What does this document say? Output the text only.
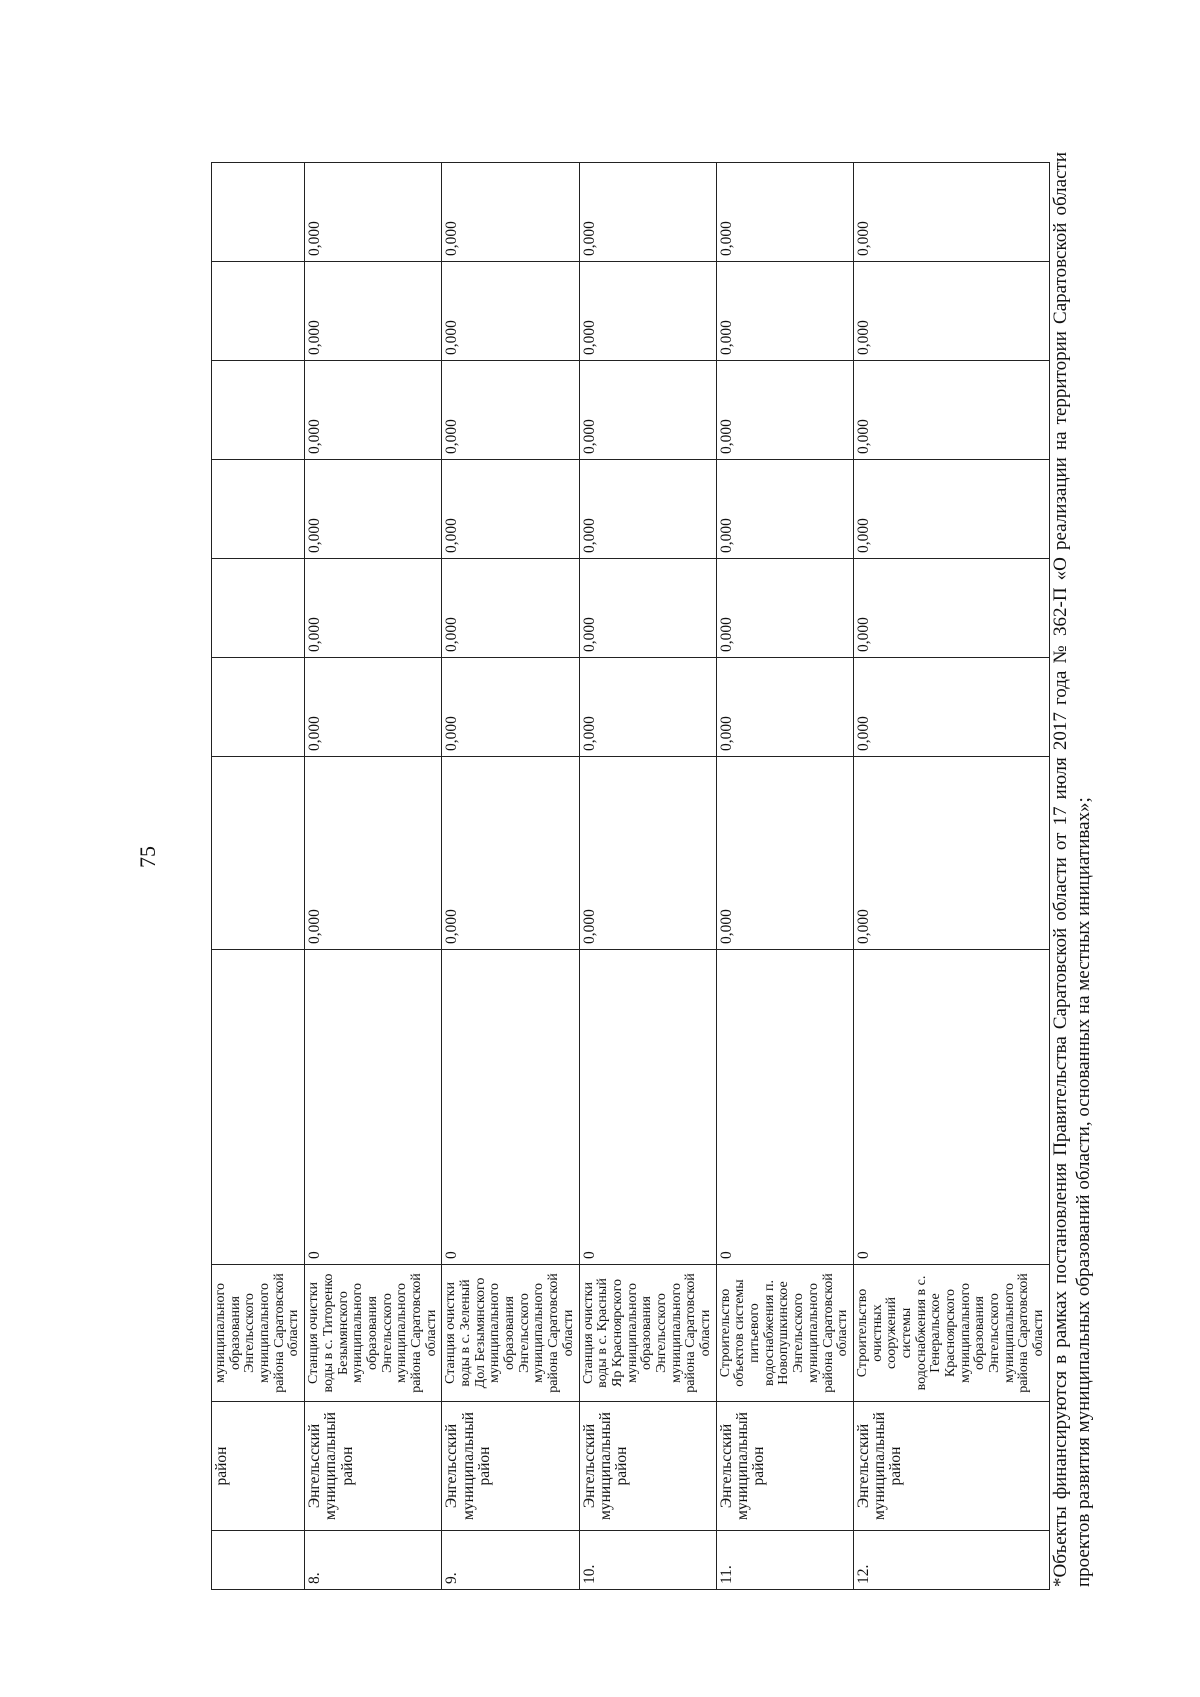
75
	район	муниципального образования Энгельсского муниципального района Саратовской области								
8.	Энгельсский муниципальный район	Станция очистки воды в с. Титоренко Безымянского муниципального образования Энгельсского муниципального района Саратовской области	0	0,000	0,000	0,000	0,000	0,000	0,000	0,000
9.	Энгельсский муниципальный район	Станция очистки воды в с. Зеленый Дол Безымянского муниципального образования Энгельсского муниципального района Саратовской области	0	0,000	0,000	0,000	0,000	0,000	0,000	0,000
10.	Энгельсский муниципальный район	Станция очистки воды в с. Красный Яр Красноярского муниципального образования Энгельсского муниципального района Саратовской области	0	0,000	0,000	0,000	0,000	0,000	0,000	0,000
11.	Энгельсский муниципальный район	Строительство объектов системы питьевого водоснабжения п. Новопушкинское Энгельсского муниципального района Саратовской области	0	0,000	0,000	0,000	0,000	0,000	0,000	0,000
12.	Энгельсский муниципальный район	Строительство очистных сооружений системы водоснабжения в с. Генеральское Красноярского муниципального образования Энгельсского муниципального района Саратовской области	0	0,000	0,000	0,000	0,000	0,000	0,000	0,000	*Объекты финансируются в рамках постановления Правительства Саратовской области от 17 июля 2017 года № 362-П «О реализации на территории Саратовской области проектов развития муниципальных образований области, основанных на местных инициативах»;
